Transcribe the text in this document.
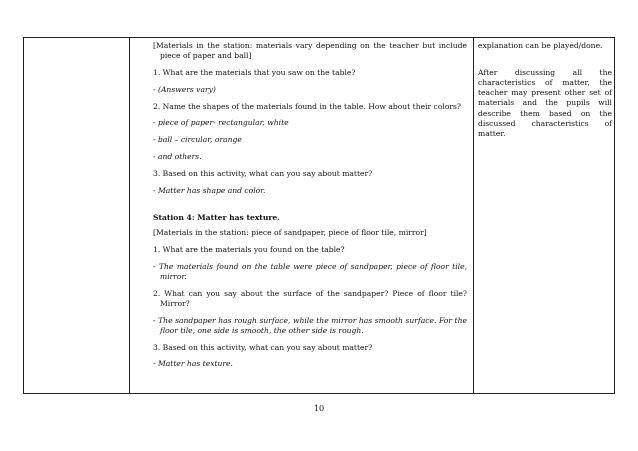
[Materials in the station: materials vary depending on the teacher but include piece of paper and ball]

1. What are the materials that you saw on the table?

- (Answers vary)

2. Name the shapes of the materials found in the table. How about their colors?

- piece of paper- rectangular, white

- ball – circular, orange

- and others.

3. Based on this activity, what can you say about matter?

- Matter has shape and color.

Station 4: Matter has texture.

[Materials in the station: piece of sandpaper, piece of floor tile, mirror]

1. What are the materials you found on the table?

- The materials found on the table were piece of sandpaper, piece of floor tile, mirror.

2. What can you say about the surface of the sandpaper? Piece of floor tile? Mirror?

- The sandpaper has rough surface, while the mirror has smooth surface. For the floor tile, one side is smooth, the other side is rough.

3. Based on this activity, what can you say about matter?

- Matter has texture.

explanation can be played/done.

After discussing all the characteristics of matter, the teacher may present other set of materials and the pupils will describe them based on the discussed characteristics of matter.

10
